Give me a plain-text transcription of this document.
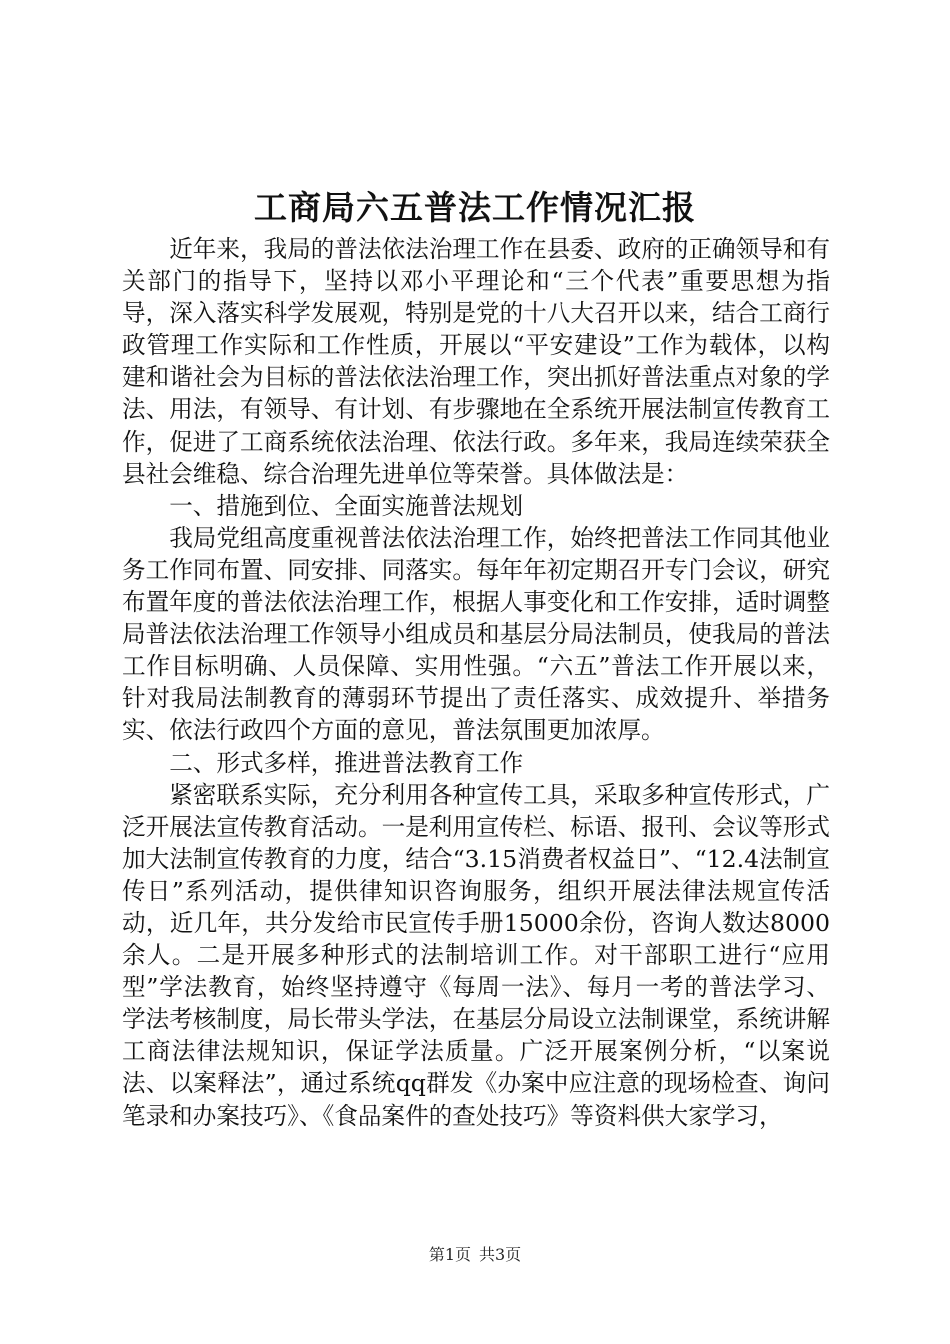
工商局六五普法工作情况汇报

近年来，我局的普法依法治理工作在县委、政府的正确领导和有关部门的指导下，坚持以邓小平理论和“三个代表”重要思想为指导，深入落实科学发展观，特别是党的十八大召开以来，结合工商行政管理工作实际和工作性质，开展以“平安建设”工作为载体，以构建和谐社会为目标的普法依法治理工作，突出抓好普法重点对象的学法、用法，有领导、有计划、有步骤地在全系统开展法制宣传教育工作，促进了工商系统依法治理、依法行政。多年来，我局连续荣获全县社会维稳、综合治理先进单位等荣誉。具体做法是：

一、措施到位、全面实施普法规划

我局党组高度重视普法依法治理工作，始终把普法工作同其他业务工作同布置、同安排、同落实。每年年初定期召开专门会议，研究布置年度的普法依法治理工作，根据人事变化和工作安排，适时调整局普法依法治理工作领导小组成员和基层分局法制员，使我局的普法工作目标明确、人员保障、实用性强。“六五”普法工作开展以来，针对我局法制教育的薄弱环节提出了责任落实、成效提升、举措务实、依法行政四个方面的意见，普法氛围更加浓厚。

二、形式多样，推进普法教育工作

紧密联系实际，充分利用各种宣传工具，采取多种宣传形式，广泛开展法宣传教育活动。一是利用宣传栏、标语、报刊、会议等形式加大法制宣传教育的力度，结合“3.15消费者权益日”、“12.4法制宣传日”系列活动，提供律知识咨询服务，组织开展法律法规宣传活动，近几年，共分发给市民宣传手册15000余份，咨询人数达8000余人。二是开展多种形式的法制培训工作。对干部职工进行“应用型”学法教育，始终坚持遵守《每周一法》、每月一考的普法学习、学法考核制度，局长带头学法，在基层分局设立法制课堂，系统讲解工商法律法规知识，保证学法质量。广泛开展案例分析，“以案说法、以案释法”，通过系统qq群发《办案中应注意的现场检查、询问笔录和办案技巧》、《食品案件的查处技巧》等资料供大家学习，

第1页 共3页
